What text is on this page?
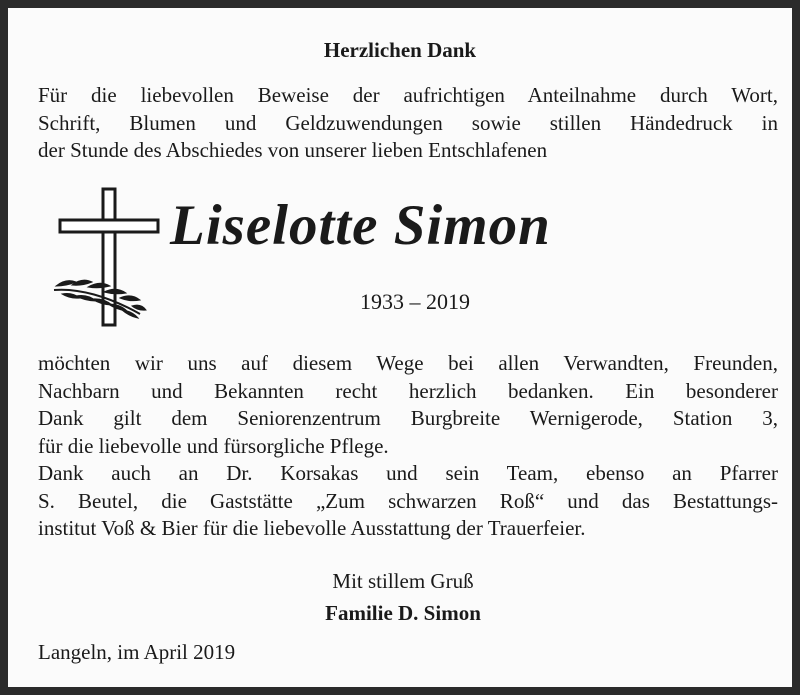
Herzlichen Dank
Für die liebevollen Beweise der aufrichtigen Anteilnahme durch Wort,
Schrift, Blumen und Geldzuwendungen sowie stillen Händedruck in
der Stunde des Abschiedes von unserer lieben Entschlafenen
Liselotte Simon
1933 – 2019
möchten wir uns auf diesem Wege bei allen Verwandten, Freunden,
Nachbarn und Bekannten recht herzlich bedanken. Ein besonderer
Dank gilt dem Seniorenzentrum Burgbreite Wernigerode, Station 3,
für die liebevolle und fürsorgliche Pflege.
Dank auch an Dr. Korsakas und sein Team, ebenso an Pfarrer
S. Beutel, die Gaststätte „Zum schwarzen Roß“ und das Bestattungs-
institut Voß & Bier für die liebevolle Ausstattung der Trauerfeier.
Mit stillem Gruß
Familie D. Simon
Langeln, im April 2019
